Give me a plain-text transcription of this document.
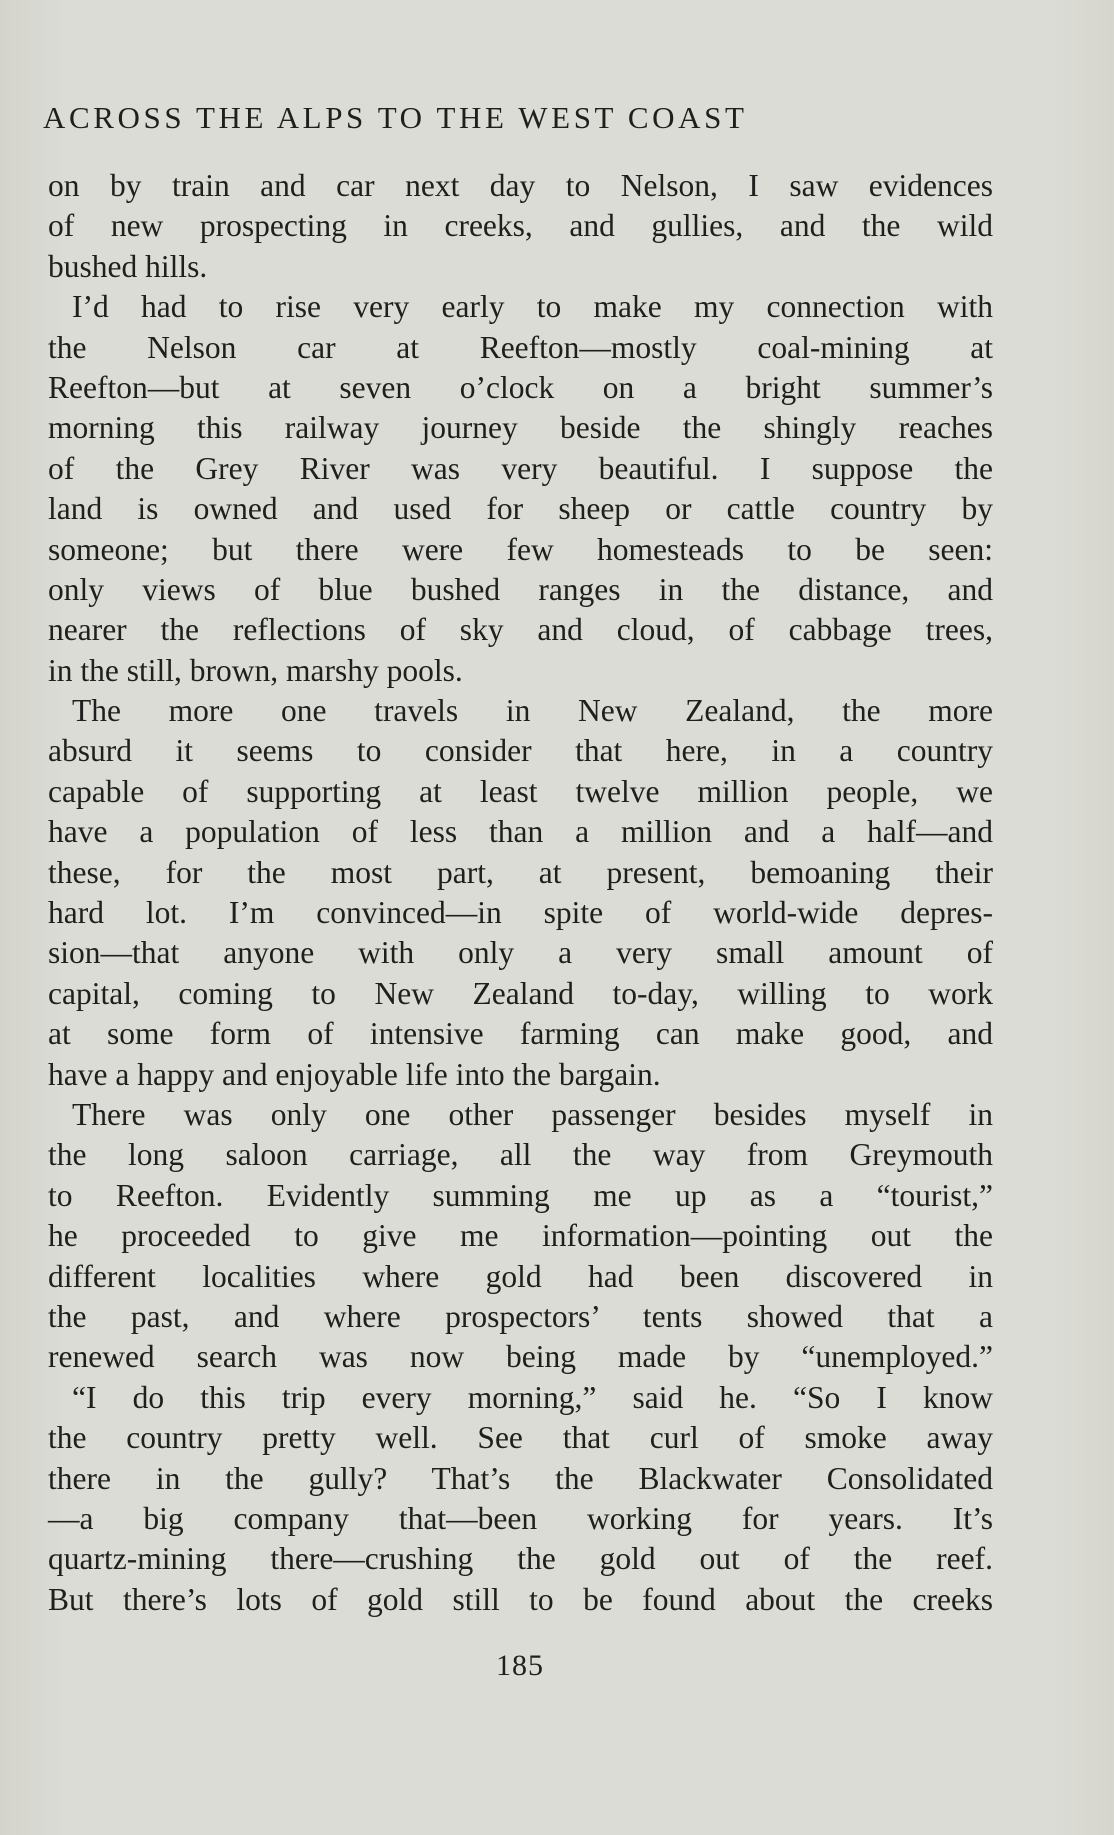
ACROSS THE ALPS TO THE WEST COAST
on by train and car next day to Nelson, I saw evidences
of new prospecting in creeks, and gullies, and the wild
bushed hills.
I’d had to rise very early to make my connection with
the Nelson car at Reefton—mostly coal-mining at
Reefton—but at seven o’clock on a bright summer’s
morning this railway journey beside the shingly reaches
of the Grey River was very beautiful. I suppose the
land is owned and used for sheep or cattle country by
someone; but there were few homesteads to be seen:
only views of blue bushed ranges in the distance, and
nearer the reflections of sky and cloud, of cabbage trees,
in the still, brown, marshy pools.
The more one travels in New Zealand, the more
absurd it seems to consider that here, in a country
capable of supporting at least twelve million people, we
have a population of less than a million and a half—and
these, for the most part, at present, bemoaning their
hard lot. I’m convinced—in spite of world-wide depres-
sion—that anyone with only a very small amount of
capital, coming to New Zealand to-day, willing to work
at some form of intensive farming can make good, and
have a happy and enjoyable life into the bargain.
There was only one other passenger besides myself in
the long saloon carriage, all the way from Greymouth
to Reefton. Evidently summing me up as a “tourist,”
he proceeded to give me information—pointing out the
different localities where gold had been discovered in
the past, and where prospectors’ tents showed that a
renewed search was now being made by “unemployed.”
“I do this trip every morning,” said he. “So I know
the country pretty well. See that curl of smoke away
there in the gully? That’s the Blackwater Consolidated
—a big company that—been working for years. It’s
quartz-mining there—crushing the gold out of the reef.
But there’s lots of gold still to be found about the creeks
185
